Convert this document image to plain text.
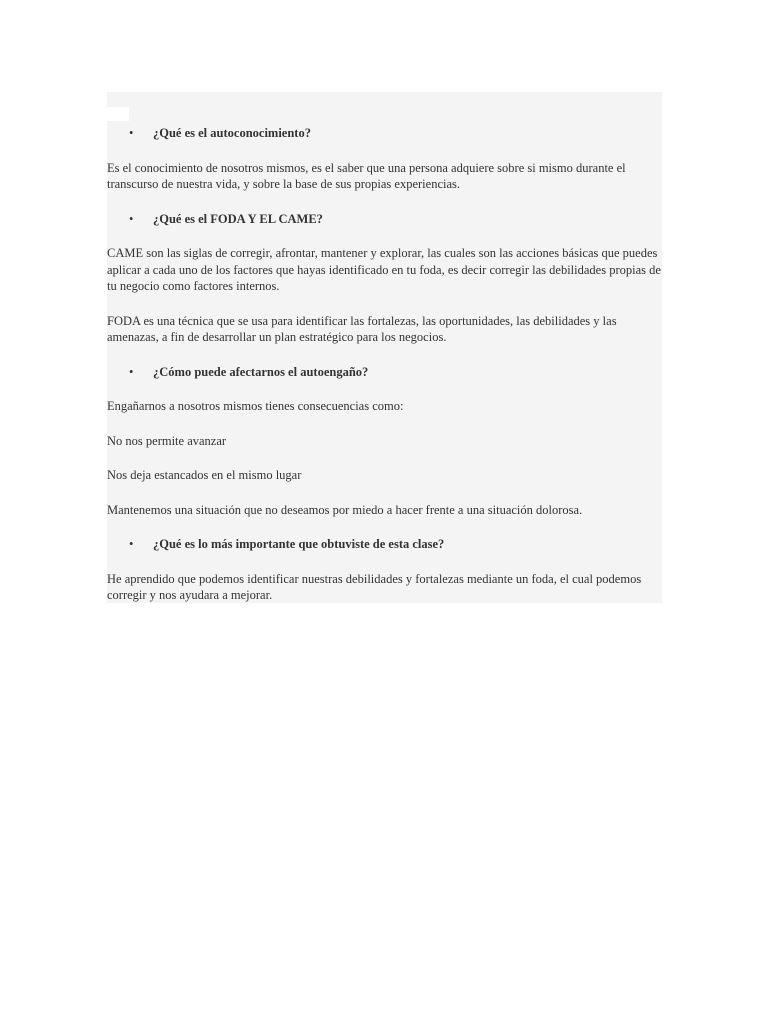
• ¿Qué es el autoconocimiento?

Es el conocimiento de nosotros mismos, es el saber que una persona adquiere sobre si mismo durante el transcurso de nuestra vida, y sobre la base de sus propias experiencias.

• ¿Qué es el FODA Y EL CAME?

CAME son las siglas de corregir, afrontar, mantener y explorar, las cuales son las acciones básicas que puedes aplicar a cada uno de los factores que hayas identificado en tu foda, es decir corregir las debilidades propias de tu negocio como factores internos.

FODA es una técnica que se usa para identificar las fortalezas, las oportunidades, las debilidades y las amenazas, a fin de desarrollar un plan estratégico para los negocios.

• ¿Cómo puede afectarnos el autoengaño?

Engañarnos a nosotros mismos tienes consecuencias como:

No nos permite avanzar

Nos deja estancados en el mismo lugar

Mantenemos una situación que no deseamos por miedo a hacer frente a una situación dolorosa.

• ¿Qué es lo más importante que obtuviste de esta clase?

He aprendido que podemos identificar nuestras debilidades y fortalezas mediante un foda, el cual podemos corregir y nos ayudara a mejorar.
